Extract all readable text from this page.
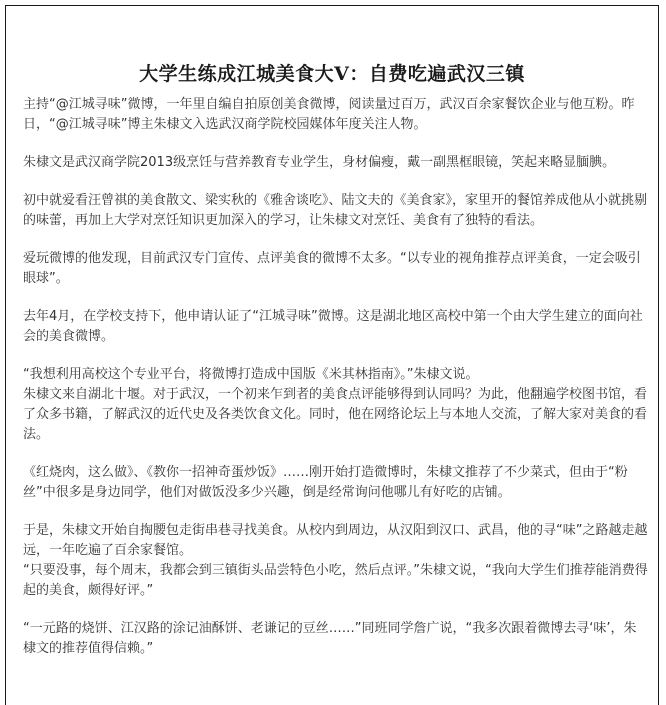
大学生练成江城美食大V：自费吃遍武汉三镇

主持“@江城寻味”微博，一年里自编自拍原创美食微博，阅读量过百万，武汉百余家餐饮企业与他互粉。昨日，“@江城寻味”博主朱棣文入选武汉商学院校园媒体年度关注人物。

朱棣文是武汉商学院2013级烹饪与营养教育专业学生，身材偏瘦，戴一副黑框眼镜，笑起来略显腼腆。

初中就爱看汪曾祺的美食散文、梁实秋的《雅舍谈吃》、陆文夫的《美食家》，家里开的餐馆养成他从小就挑剔的味蕾，再加上大学对烹饪知识更加深入的学习，让朱棣文对烹饪、美食有了独特的看法。

爱玩微博的他发现，目前武汉专门宣传、点评美食的微博不太多。“以专业的视角推荐点评美食，一定会吸引眼球”。

去年4月，在学校支持下，他申请认证了“江城寻味”微博。这是湖北地区高校中第一个由大学生建立的面向社会的美食微博。

“我想利用高校这个专业平台，将微博打造成中国版《米其林指南》。”朱棣文说。

朱棣文来自湖北十堰。对于武汉，一个初来乍到者的美食点评能够得到认同吗？为此，他翻遍学校图书馆，看了众多书籍，了解武汉的近代史及各类饮食文化。同时，他在网络论坛上与本地人交流，了解大家对美食的看法。

《红烧肉，这么做》、《教你一招神奇蛋炒饭》……刚开始打造微博时，朱棣文推荐了不少菜式，但由于“粉丝”中很多是身边同学，他们对做饭没多少兴趣，倒是经常询问他哪儿有好吃的店铺。

于是，朱棣文开始自掏腰包走街串巷寻找美食。从校内到周边，从汉阳到汉口、武昌，他的寻“味”之路越走越远，一年吃遍了百余家餐馆。

“只要没事，每个周末，我都会到三镇街头品尝特色小吃，然后点评。”朱棣文说，“我向大学生们推荐能消费得起的美食，颇得好评。”

“一元路的烧饼、江汉路的涂记油酥饼、老谦记的豆丝……”同班同学詹广说，“我多次跟着微博去寻‘味’，朱棣文的推荐值得信赖。”
